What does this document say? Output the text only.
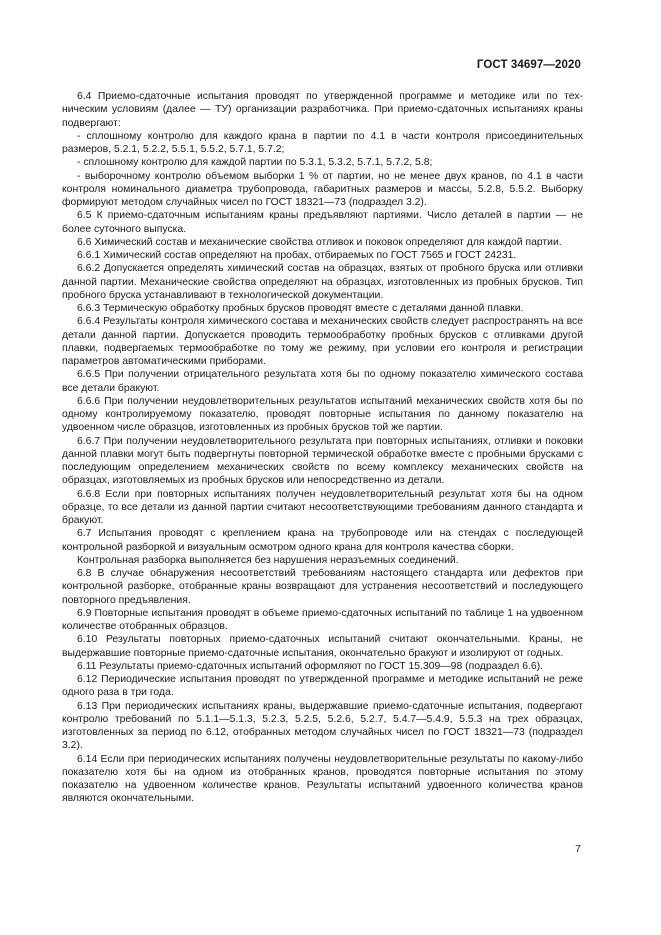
ГОСТ 34697—2020

6.4 Приемо-сдаточные испытания проводят по утвержденной программе и методике или по техническим условиям (далее — ТУ) организации разработчика. При приемо-сдаточных испытаниях краны подвергают:

- сплошному контролю для каждого крана в партии по 4.1 в части контроля присоединительных размеров, 5.2.1, 5.2.2, 5.5.1, 5.5.2, 5.7.1, 5.7.2;

- сплошному контролю для каждой партии по 5.3.1, 5.3.2, 5.7.1, 5.7.2, 5.8;

- выборочному контролю объемом выборки 1 % от партии, но не менее двух кранов, по 4.1 в части контроля номинального диаметра трубопровода, габаритных размеров и массы, 5.2.8, 5.5.2. Выборку формируют методом случайных чисел по ГОСТ 18321—73 (подраздел 3.2).

6.5 К приемо-сдаточным испытаниям краны предъявляют партиями. Число деталей в партии — не более суточного выпуска.

6.6 Химический состав и механические свойства отливок и поковок определяют для каждой партии.

6.6.1 Химический состав определяют на пробах, отбираемых по ГОСТ 7565 и ГОСТ 24231.

6.6.2 Допускается определять химический состав на образцах, взятых от пробного бруска или отливки данной партии. Механические свойства определяют на образцах, изготовленных из пробных брусков. Тип пробного бруска устанавливают в технологической документации.

6.6.3 Термическую обработку пробных брусков проводят вместе с деталями данной плавки.

6.6.4 Результаты контроля химического состава и механических свойств следует распространять на все детали данной партии. Допускается проводить термообработку пробных брусков с отливками другой плавки, подвергаемых термообработке по тому же режиму, при условии его контроля и регистрации параметров автоматическими приборами.

6.6.5 При получении отрицательного результата хотя бы по одному показателю химического состава все детали бракуют.

6.6.6 При получении неудовлетворительных результатов испытаний механических свойств хотя бы по одному контролируемому показателю, проводят повторные испытания по данному показателю на удвоенном числе образцов, изготовленных из пробных брусков той же партии.

6.6.7 При получении неудовлетворительного результата при повторных испытаниях, отливки и поковки данной плавки могут быть подвергнуты повторной термической обработке вместе с пробными брусками с последующим определением механических свойств по всему комплексу механических свойств на образцах, изготовляемых из пробных брусков или непосредственно из детали.

6.6.8 Если при повторных испытаниях получен неудовлетворительный результат хотя бы на одном образце, то все детали из данной партии считают несоответствующими требованиям данного стандарта и бракуют.

6.7 Испытания проводят с креплением крана на трубопроводе или на стендах с последующей контрольной разборкой и визуальным осмотром одного крана для контроля качества сборки.

Контрольная разборка выполняется без нарушения неразъемных соединений.

6.8 В случае обнаружения несоответствий требованиям настоящего стандарта или дефектов при контрольной разборке, отобранные краны возвращают для устранения несоответствий и последующего повторного предъявления.

6.9 Повторные испытания проводят в объеме приемо-сдаточных испытаний по таблице 1 на удвоенном количестве отобранных образцов.

6.10 Результаты повторных приемо-сдаточных испытаний считают окончательными. Краны, не выдержавшие повторные приемо-сдаточные испытания, окончательно бракуют и изолируют от годных.

6.11 Результаты приемо-сдаточных испытаний оформляют по ГОСТ 15.309—98 (подраздел 6.6).

6.12 Периодические испытания проводят по утвержденной программе и методике испытаний не реже одного раза в три года.

6.13 При периодических испытаниях краны, выдержавшие приемо-сдаточные испытания, подвергают контролю требований по 5.1.1—5.1.3, 5.2.3, 5.2.5, 5.2.6, 5.2.7, 5.4.7—5.4.9, 5.5.3 на трех образцах, изготовленных за период по 6.12, отобранных методом случайных чисел по ГОСТ 18321—73 (подраздел 3.2).

6.14 Если при периодических испытаниях получены неудовлетворительные результаты по какому-либо показателю хотя бы на одном из отобранных кранов, проводятся повторные испытания по этому показателю на удвоенном количестве кранов. Результаты испытаний удвоенного количества кранов являются окончательными.

7
